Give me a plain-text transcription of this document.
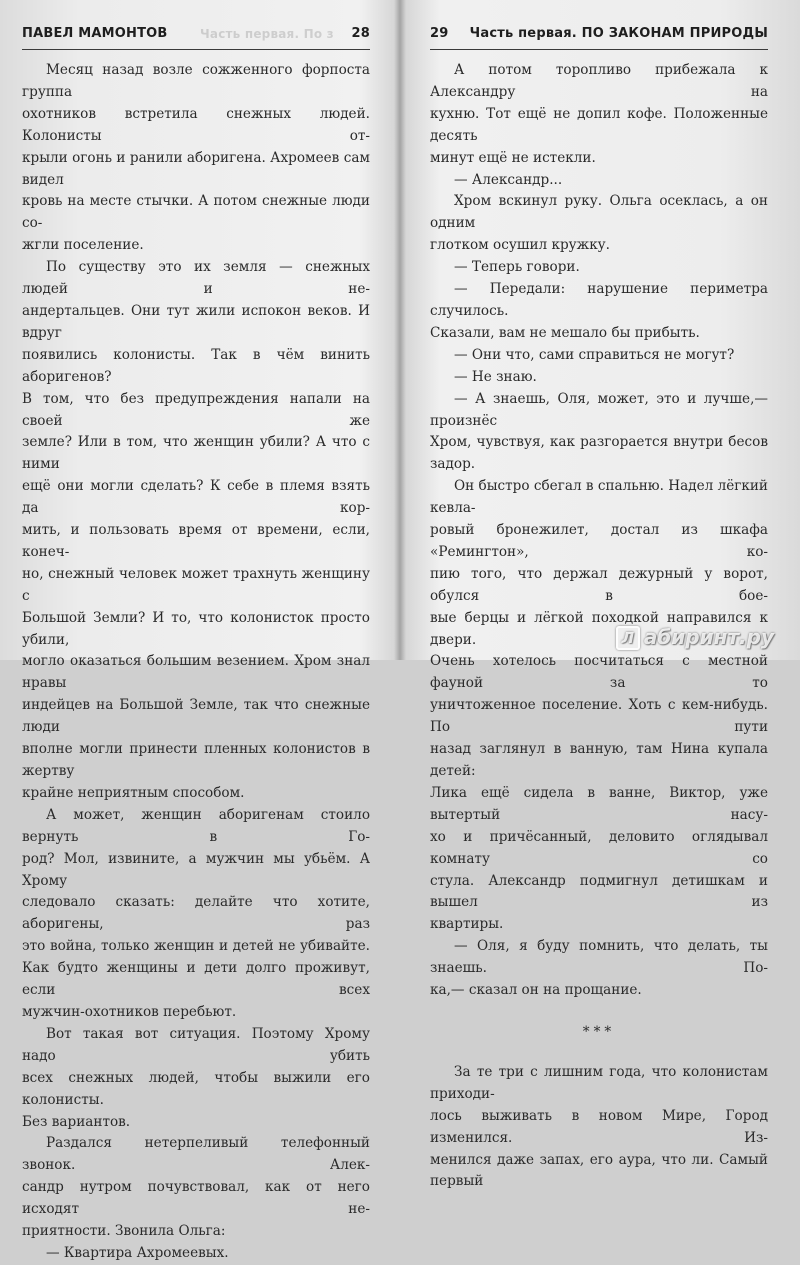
ПАВЕЛ МАМОНТОВ	Часть первая. По з 28
Месяц назад возле сожженного форпоста группа
охотников встретила снежных людей. Колонисты от-
крыли огонь и ранили аборигена. Ахромеев сам видел
кровь на месте стычки. А потом снежные люди со-
жгли поселение.
По существу это их земля — снежных людей и не-
андертальцев. Они тут жили испокон веков. И вдруг
появились колонисты. Так в чём винить аборигенов?
В том, что без предупреждения напали на своей же
земле? Или в том, что женщин убили? А что с ними
ещё они могли сделать? К себе в племя взять да кор-
мить, и пользовать время от времени, если, конеч-
но, снежный человек может трахнуть женщину с
Большой Земли? И то, что колонисток просто убили,
могло оказаться большим везением. Хром знал нравы
индейцев на Большой Земле, так что снежные люди
вполне могли принести пленных колонистов в жертву
крайне неприятным способом.
А может, женщин аборигенам стоило вернуть в Го-
род? Мол, извините, а мужчин мы убьём. А Хрому
следовало сказать: делайте что хотите, аборигены, раз
это война, только женщин и детей не убивайте.
Как будто женщины и дети долго проживут, если всех
мужчин-охотников перебьют.
Вот такая вот ситуация. Поэтому Хрому надо убить
всех снежных людей, чтобы выжили его колонисты.
Без вариантов.
Раздался нетерпеливый телефонный звонок. Алек-
сандр нутром почувствовал, как от него исходят не-
приятности. Звонила Ольга:
— Квартира Ахромеевых.
29 Часть первая. ПО ЗАКОНАМ ПРИРОДЫ
А потом торопливо прибежала к Александру на
кухню. Тот ещё не допил кофе. Положенные десять
минут ещё не истекли.
— Александр...
Хром вскинул руку. Ольга осеклась, а он одним
глотком осушил кружку.
— Теперь говори.
— Передали: нарушение периметра случилось.
Сказали, вам не мешало бы прибыть.
— Они что, сами справиться не могут?
— Не знаю.
— А знаешь, Оля, может, это и лучше,— произнёс
Хром, чувствуя, как разгорается внутри бесов задор.
Он быстро сбегал в спальню. Надел лёгкий кевла-
ровый бронежилет, достал из шкафа «Ремингтон», ко-
пию того, что держал дежурный у ворот, обулся в бое-
вые берцы и лёгкой походкой направился к двери.
Очень хотелось посчитаться с местной фауной за то
уничтоженное поселение. Хоть с кем-нибудь. По пути
назад заглянул в ванную, там Нина купала детей:
Лика ещё сидела в ванне, Виктор, уже вытертый насу-
хо и причёсанный, деловито оглядывал комнату со
стула. Александр подмигнул детишкам и вышел из
квартиры.
— Оля, я буду помнить, что делать, ты знаешь. По-
ка,— сказал он на прощание.
***
За те три с лишним года, что колонистам приходи-
лось выживать в новом Мире, Город изменился. Из-
менился даже запах, его аура, что ли. Самый первый
Л абиринт.ру
